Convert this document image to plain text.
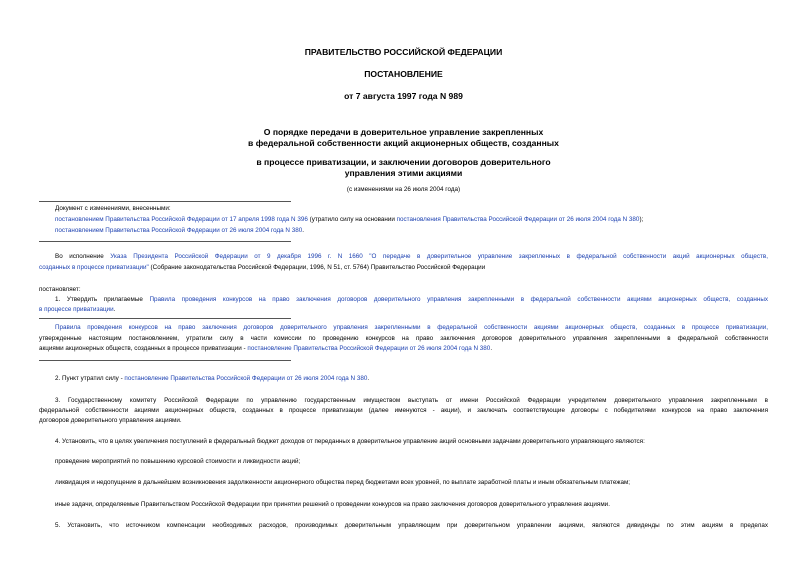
ПРАВИТЕЛЬСТВО РОССИЙСКОЙ ФЕДЕРАЦИИ
ПОСТАНОВЛЕНИЕ
от 7 августа 1997 года N 989
О порядке передачи в доверительное управление закрепленных
в федеральной собственности акций акционерных обществ, созданных
в процессе приватизации, и заключении договоров доверительного
управления этими акциями
(с изменениями на 26 июля 2004 года)
Документ с изменениями, внесенными:
постановлением Правительства Российской Федерации от 17 апреля 1998 года N 396 (утратило силу на основании постановления Правительства Российской Федерации от 26 июля 2004 года N 380);
постановлением Правительства Российской Федерации от 26 июля 2004 года N 380.
Во исполнение Указа Президента Российской Федерации от 9 декабря 1996 г. N 1660 "О передаче в доверительное управление закрепленных в федеральной собственности акций акционерных обществ,
созданных в процессе приватизации" (Собрание законодательства Российской Федерации, 1996, N 51, ст. 5764) Правительство Российской Федерации
постановляет:
1. Утвердить прилагаемые Правила проведения конкурсов на право заключения договоров доверительного управления закрепленными в федеральной собственности акциями акционерных обществ, созданных
в процессе приватизации.
Правила проведения конкурсов на право заключения договоров доверительного управления закрепленными в федеральной собственности акциями акционерных обществ, созданных в процессе приватизации,
утвержденные настоящим постановлением, утратили силу в части комиссии по проведению конкурсов на право заключения договоров доверительного управления закрепленными в федеральной собственности
акциями акционерных обществ, созданных в процессе приватизации - постановление Правительства Российской Федерации от 26 июля 2004 года N 380.
2. Пункт утратил силу - постановление Правительства Российской Федерации от 26 июля 2004 года N 380.
3. Государственному комитету Российской Федерации по управлению государственным имуществом выступать от имени Российской Федерации учредителем доверительного управления закрепленными в
федеральной собственности акциями акционерных обществ, созданных в процессе приватизации (далее именуются - акции), и заключать соответствующие договоры с победителями конкурсов на право заключения
договоров доверительного управления акциями.
4. Установить, что в целях увеличения поступлений в федеральный бюджет доходов от переданных в доверительное управление акций основными задачами доверительного управляющего являются:
проведение мероприятий по повышению курсовой стоимости и ликвидности акций;
ликвидация и недопущение в дальнейшем возникновения задолженности акционерного общества перед бюджетами всех уровней, по выплате заработной платы и иным обязательным платежам;
иные задачи, определяемые Правительством Российской Федерации при принятии решений о проведении конкурсов на право заключения договоров доверительного управления акциями.
5. Установить, что источником компенсации необходимых расходов, производимых доверительным управляющим при доверительном управлении акциями, являются дивиденды по этим акциям в пределах
